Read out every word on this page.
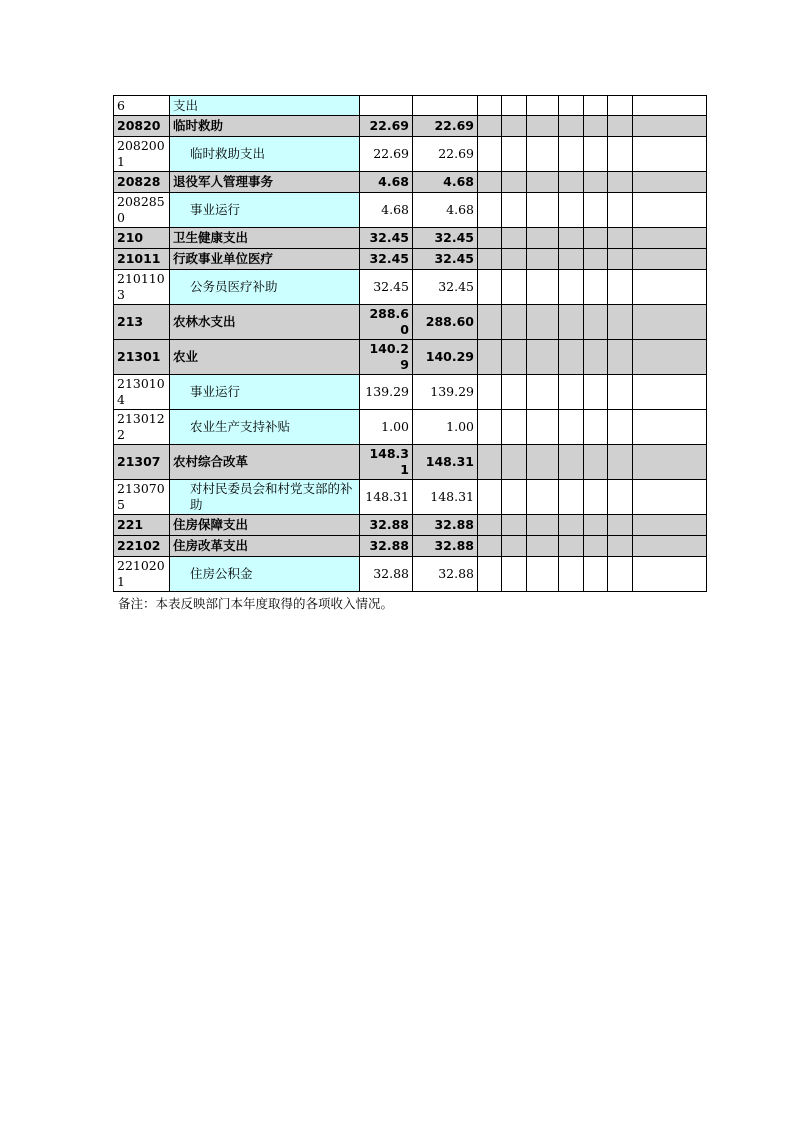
6	支出									
20820	临时救助	22.69	22.69							
2082001	临时救助支出	22.69	22.69							
20828	退役军人管理事务	4.68	4.68							
2082850	事业运行	4.68	4.68							
210	卫生健康支出	32.45	32.45							
21011	行政事业单位医疗	32.45	32.45							
2101103	公务员医疗补助	32.45	32.45							
213	农林水支出	288.60	288.60							
21301	农业	140.29	140.29							
2130104	事业运行	139.29	139.29							
2130122	农业生产支持补贴	1.00	1.00							
21307	农村综合改革	148.31	148.31							
2130705	对村民委员会和村党支部的补助	148.31	148.31							
221	住房保障支出	32.88	32.88							
22102	住房改革支出	32.88	32.88							
2210201	住房公积金	32.88	32.88							
备注：本表反映部门本年度取得的各项收入情况。
